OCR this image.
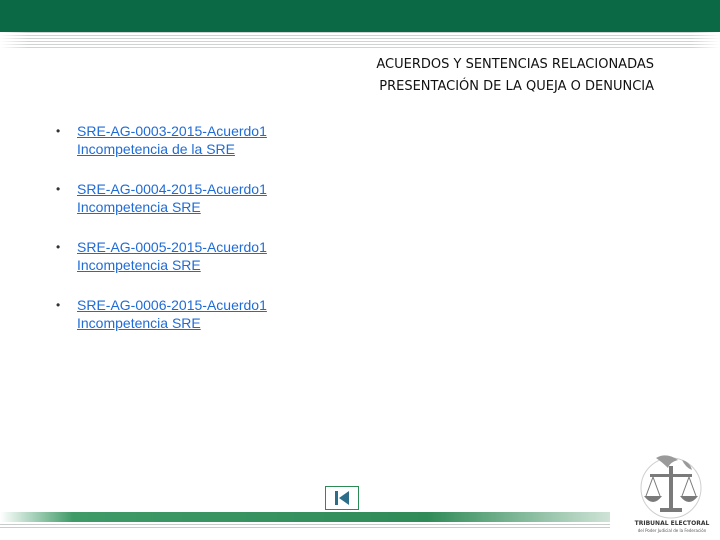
ACUERDOS Y SENTENCIAS RELACIONADAS
PRESENTACIÓN DE LA QUEJA O DENUNCIA
• SRE-AG-0003-2015-Acuerdo1
Incompetencia de la SRE
• SRE-AG-0004-2015-Acuerdo1
Incompetencia SRE
• SRE-AG-0005-2015-Acuerdo1
Incompetencia SRE
• SRE-AG-0006-2015-Acuerdo1
Incompetencia SRE
TRIBUNAL ELECTORAL
del Poder Judicial de la Federación
